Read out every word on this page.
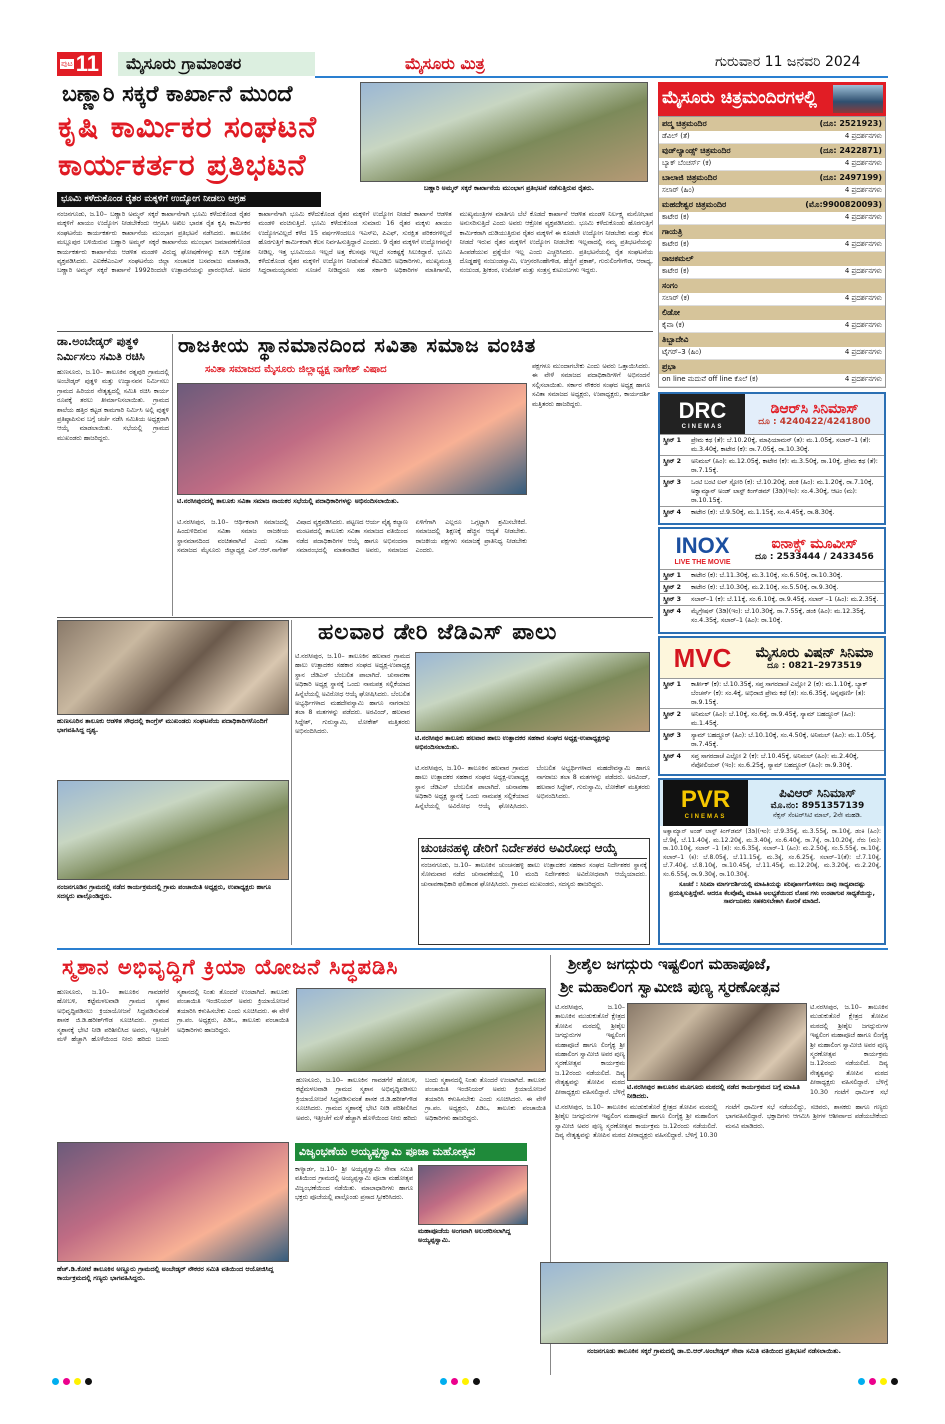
ಪುಟ 11	ಮೈಸೂರು ಗ್ರಾಮಾಂತರ	ಮೈಸೂರು ಮಿತ್ರ	ಗುರುವಾರ 11 ಜನವರಿ 2024
ಬಣ್ಣಾರಿ ಸಕ್ಕರೆ ಕಾರ್ಖಾನೆ ಮುಂದೆ
ಕೃಷಿ ಕಾರ್ಮಿಕರ ಸಂಘಟನೆ
ಕಾರ್ಯಕರ್ತರ ಪ್ರತಿಭಟನೆ
ಬಣ್ಣಾರಿ ಅಮ್ಮನ್ ಸಕ್ಕರೆ ಕಾರ್ಖಾನೆಯ ಮುಂಭಾಗ ಪ್ರತಿಭಟನೆ ನಡೆಸುತ್ತಿರುವ ರೈತರು.
ಭೂಮಿ ಕಳೆದುಕೊಂಡ ರೈತರ ಮಕ್ಕಳಿಗೆ ಉದ್ಯೋಗ ನೀಡಲು ಆಗ್ರಹ
ನಂಜನಗೂಡು, ಜ.10– ಬಣ್ಣಾರಿ ಅಮ್ಮನ್ ಸಕ್ಕರೆ ಕಾರ್ಖಾನೆಗಾಗಿ ಭೂಮಿ ಕಳೆದುಕೊಂಡ ರೈತರ ಮಕ್ಕಳಿಗೆ ಖಾಯಂ ಉದ್ಯೋಗ ನೀಡಬೇಕೆಂದು ಆಗ್ರಹಿಸಿ ಅಖಿಲ ಭಾರತ ರೈತ ಕೃಷಿ ಕಾರ್ಮಿಕರ ಸಂಘಟನೆಯ ಕಾರ್ಯಕರ್ತರು ಕಾರ್ಖಾನೆಯ ಮುಂಭಾಗ ಪ್ರತಿಭಟನೆ ನಡೆಸಿದರು. ತಾಲೂಕಿನ ಮಲ್ಲೂಪುರ ಬಳಿಯಿರುವ ಬಣ್ಣಾರಿ ಅಮ್ಮನ್ ಸಕ್ಕರೆ ಕಾರ್ಖಾನೆಯ ಮುಂಭಾಗ ಜಮಾವಣೆಗೊಂಡ ಕಾರ್ಯಕರ್ತರು ಕಾರ್ಖಾನೆಯ ಆಡಳಿತ ಮಂಡಳಿ ವಿರುದ್ಧ ಘೋಷಣೆಗಳನ್ನು ಕೂಗಿ ಆಕ್ರೋಶ ವ್ಯಕ್ತಪಡಿಸಿದರು. ಎಐಕೆಕೆಎಂಎಸ್ ಸಂಘಟನೆಯ ಜಿಲ್ಲಾ ಸಂಚಾಲಕ ಬಸವರಾಜು ಮಾತನಾಡಿ, ಬಣ್ಣಾರಿ ಅಮ್ಮನ್ ಸಕ್ಕರೆ ಕಾರ್ಖಾನೆ 1992ರಿಂದಲೇ ಉತ್ಪಾದನೆಯನ್ನು ಪ್ರಾರಂಭಿಸಿದೆ. ಅದರ ಕಾರ್ಖಾನೆಗಾಗಿ ಭೂಮಿ ಕಳೆದುಕೊಂಡ ರೈತರ ಮಕ್ಕಳಿಗೆ ಉದ್ಯೋಗ ನೀಡದೆ ಕಾರ್ಖಾನೆ ಆಡಳಿತ ಮಂಡಳಿ ವಂಚಿಸುತ್ತಿದೆ. ಭೂಮಿ ಕಳೆದುಕೊಂಡ ಸುಮಾರು 16 ರೈತರ ಮಕ್ಕಳು ಖಾಯಂ ಉದ್ಯೋಗವಿಲ್ಲದೆ ಕಳೆದ 15 ವರ್ಷಗಳಿಂದಲೂ ಇಎಸ್‌ಐ, ಪಿಎಫ್, ಸುರಕ್ಷಿತ ಪರಿಕರಗಳಿಲ್ಲದೆ ಹೊರಗುತ್ತಿಗೆ ಕಾರ್ಮಿಕರಾಗಿ ಕೆಲಸ ನಿರ್ವಹಿಸುತ್ತಿದ್ದಾರೆ ಎಂದರು. 9 ರೈತರ ಮಕ್ಕಳಿಗೆ ಉದ್ಯೋಗವನ್ನೇ ನೀಡಿಲ್ಲ. ಇತ್ತ ಭೂಮಿಯೂ ಇಲ್ಲದೆ ಅತ್ತ ಕೆಲಸವೂ ಇಲ್ಲದೆ ಸಂಕಷ್ಟಕ್ಕೆ ಸಿಲುಕಿದ್ದಾರೆ. ಭೂಮಿ ಕಳೆದುಕೊಂಡ ರೈತರ ಮಕ್ಕಳಿಗೆ ಉದ್ಯೋಗ ನೀಡುವಂತೆ ಕೆಐಎಡಿಬಿ ಅಧಿಕಾರಿಗಳು, ಮುಖ್ಯಮಂತ್ರಿ ಸಿದ್ದರಾಮಯ್ಯರವರು ಸೂಚನೆ ನೀಡಿದ್ದರೂ ಸಹ ಸರ್ಕಾರಿ ಅಧಿಕಾರಿಗಳ ಮಾತಿಗಾಗಲಿ, ಮುಖ್ಯಮಂತ್ರಿಗಳ ಮಾತಿಗೂ ಬೆಲೆ ಕೊಡದೆ ಕಾರ್ಖಾನೆ ಆಡಳಿತ ಮಂಡಳಿ ನಿರ್ಲಕ್ಷ್ಯ ಮನೋಭಾವ ಅನುಸರಿಸುತ್ತಿದೆ ಎಂದು ಅವರು ಆಕ್ರೋಶ ವ್ಯಕ್ತಪಡಿಸಿದರು. ಭೂಮಿ ಕಳೆದುಕೊಂಡು ಹೊರಗುತ್ತಿಗೆ ಕಾರ್ಮಿಕರಾಗಿ ದುಡಿಯುತ್ತಿರುವ ರೈತರ ಮಕ್ಕಳಿಗೆ ಈ ಕೂಡಲೇ ಉದ್ಯೋಗ ನೀಡಬೇಕು ಮತ್ತು ಕೆಲಸ ನೀಡದೆ ಇರುವ ರೈತರ ಮಕ್ಕಳಿಗೆ ಉದ್ಯೋಗ ನೀಡಬೇಕು ಇಲ್ಲವಾದಲ್ಲಿ ನಮ್ಮ ಪ್ರತಿಭಟನೆಯನ್ನು ಹಿಂಪಡೆಯುವ ಪ್ರಶ್ನೆಯೇ ಇಲ್ಲ ಎಂದು ಎಚ್ಚರಿಸಿದರು. ಪ್ರತಿಭಟನೆಯಲ್ಲಿ ರೈತ ಸಂಘಟನೆಯ ದೊಡ್ಡಹಳ್ಳಿ ನಂಜುಂಡಸ್ವಾಮಿ, ಉಗ್ರನರಸಿಂಹೇಗೌಡ, ಹೆಜ್ಜಿಗೆ ಪ್ರಕಾಶ್, ಗುರುಲಿಂಗೇಗೌಡ, ಆರಾಧ್ಯ, ನಂಜುಂಡ, ಶ್ರೀಕಂಠ, ಉಮೇಶ್ ಮತ್ತು ಸಂತ್ರಸ್ತ ಕುಟುಂಬಗಳು ಇದ್ದರು.
ಡಾ.ಅಂಬೇಡ್ಕರ್ ಪುತ್ಥಳಿ ನಿರ್ಮಿಸಲು ಸಮಿತಿ ರಚಿಸಿ
ಹುಣಸೂರು, ಜ.10– ತಾಲೂಕಿನ ರತ್ನಪುರಿ ಗ್ರಾಮದಲ್ಲಿ ಅಂಬೇಡ್ಕರ್ ಪುತ್ಥಳಿ ಮತ್ತು ಉದ್ಯಾನವನ ನಿರ್ಮಿಸಲು ಗ್ರಾಮದ ಹಿರಿಯರ ನೇತೃತ್ವದಲ್ಲಿ ಸಮಿತಿ ರಚಿಸಿ ಕಾರ್ಯ ರೂಪಕ್ಕೆ ತರಲು ತೀರ್ಮಾನಿಸಲಾಯಿತು. ಗ್ರಾಮದ ಶಾಲೆಯ ಹತ್ತಿರ ಕಟ್ಟಡ ಕಾಮಗಾರಿ ನಿರ್ಮಿಸಿ ಅಲ್ಲಿ ಪುತ್ಥಳಿ ಪ್ರತಿಷ್ಠಾಪಿಸುವ ಬಗ್ಗೆ ಚರ್ಚೆ ನಡೆಸಿ ಸಮಿತಿಯ ಅಧ್ಯಕ್ಷರಾಗಿ ಆಯ್ಕೆ ಮಾಡಲಾಯಿತು. ಸಭೆಯಲ್ಲಿ ಗ್ರಾಮದ ಮುಖಂಡರು ಹಾಜರಿದ್ದರು.
ರಾಜಕೀಯ ಸ್ಥಾನಮಾನದಿಂದ ಸವಿತಾ ಸಮಾಜ ವಂಚಿತ
ಸವಿತಾ ಸಮಾಜದ ಮೈಸೂರು ಜಿಲ್ಲಾಧ್ಯಕ್ಷ ನಾಗೇಶ್ ವಿಷಾದ	ಪಕ್ಷಗಳೂ ಮುಂದಾಗಬೇಕು ಎಂದು ಅವರು ಒತ್ತಾಯಿಸಿದರು. ಈ ವೇಳೆ ಸಮಾಜದ ಪದಾಧಿಕಾರಿಗಳಿಗೆ ಅಭಿನಂದನೆ ಸಲ್ಲಿಸಲಾಯಿತು. ಸರ್ಕಾರ ನೌಕರರ ಸಂಘದ ಅಧ್ಯಕ್ಷ ಹಾಗೂ ಸವಿತಾ ಸಮಾಜದ ಅಧ್ಯಕ್ಷರು, ಉಪಾಧ್ಯಕ್ಷರು, ಕಾರ್ಯದರ್ಶಿ ಮತ್ತಿತರರು ಹಾಜರಿದ್ದರು.
ಟಿ.ನರಸೀಪುರದಲ್ಲಿ ತಾಲೂಕು ಸವಿತಾ ಸಮಾಜ ನಾಯಕರ ಸಭೆಯಲ್ಲಿ ಪದಾಧಿಕಾರಿಗಳನ್ನು ಅಭಿನಂದಿಸಲಾಯಿತು.
ಟಿ.ನರಸೀಪುರ, ಜ.10– ಆರ್ಥಿಕವಾಗಿ ಸಮಾಜದಲ್ಲಿ ಹಿಂದುಳಿದಿರುವ ಸವಿತಾ ಸಮಾಜ ರಾಜಕೀಯ ಸ್ಥಾನಮಾನದಿಂದ ವಂಚಿತವಾಗಿದೆ ಎಂದು ಸವಿತಾ ಸಮಾಜದ ಮೈಸೂರು ಜಿಲ್ಲಾಧ್ಯಕ್ಷ ಎನ್.ಆರ್.ನಾಗೇಶ್ ವಿಷಾದ ವ್ಯಕ್ತಪಡಿಸಿದರು. ಪಟ್ಟಣದ ಆರ್ಯ ವೈಶ್ಯ ಕಲ್ಯಾಣ ಮಂಟಪದಲ್ಲಿ ತಾಲೂಕು ಸವಿತಾ ಸಮಾಜದ ವತಿಯಿಂದ ನಡೆದ ಪದಾಧಿಕಾರಿಗಳ ಆಯ್ಕೆ ಹಾಗೂ ಅಭಿನಂದನಾ ಸಮಾರಂಭದಲ್ಲಿ ಮಾತನಾಡಿದ ಅವರು, ಸಮಾಜದ ಏಳಿಗೆಗಾಗಿ ಎಲ್ಲರೂ ಒಗ್ಗಟ್ಟಾಗಿ ಶ್ರಮಿಸಬೇಕಿದೆ. ಸಮಾಜದಲ್ಲಿ ಶಿಕ್ಷಣಕ್ಕೆ ಹೆಚ್ಚಿನ ಆದ್ಯತೆ ನೀಡಬೇಕು. ರಾಜಕೀಯ ಪಕ್ಷಗಳು ಸಮಾಜಕ್ಕೆ ಪ್ರಾತಿನಿಧ್ಯ ನೀಡಬೇಕು ಎಂದರು.
ಹುಣಸೂರಿನ ತಾಲೂಕು ಆಡಳಿತ ಸೌಧದಲ್ಲಿ ಕಾಂಗ್ರೆಸ್ ಮುಖಂಡರು ಸಂಘಟನೆಯ ಪದಾಧಿಕಾರಿಗಳೊಂದಿಗೆ ಭಾಗವಹಿಸಿದ್ದ ದೃಶ್ಯ.
ನಂಜನಗೂಡಿನ ಗ್ರಾಮದಲ್ಲಿ ನಡೆದ ಕಾರ್ಯಕ್ರಮದಲ್ಲಿ ಗ್ರಾಮ ಪಂಚಾಯಿತಿ ಅಧ್ಯಕ್ಷರು, ಉಪಾಧ್ಯಕ್ಷರು ಹಾಗೂ ಸದಸ್ಯರು ಪಾಲ್ಗೊಂಡಿದ್ದರು.
ಹಲವಾರ ಡೇರಿ ಜೆಡಿಎಸ್ ಪಾಲು
ಟಿ.ನರಸೀಪುರ ತಾಲೂಕು ಹಲವಾರ ಹಾಲು ಉತ್ಪಾದಕರ ಸಹಕಾರ ಸಂಘದ ಅಧ್ಯಕ್ಷ-ಉಪಾಧ್ಯಕ್ಷರನ್ನು ಅಭಿನಂದಿಸಲಾಯಿತು.
ಟಿ.ನರಸೀಪುರ, ಜ.10– ತಾಲೂಕಿನ ಹಲವಾರ ಗ್ರಾಮದ ಹಾಲು ಉತ್ಪಾದಕರ ಸಹಕಾರ ಸಂಘದ ಅಧ್ಯಕ್ಷ-ಉಪಾಧ್ಯಕ್ಷ ಸ್ಥಾನ ಜೆಡಿಎಸ್ ಬೆಂಬಲಿತ ಪಾಲಾಗಿದೆ. ಚುನಾವಣಾ ಅಧಿಕಾರಿ ಅಧ್ಯಕ್ಷ ಸ್ಥಾನಕ್ಕೆ ಒಂದು ನಾಮಪತ್ರ ಸಲ್ಲಿಕೆಯಾದ ಹಿನ್ನೆಲೆಯಲ್ಲಿ ಅವಿರೋಧ ಆಯ್ಕೆ ಘೋಷಿಸಿದರು. ಬೆಂಬಲಿತ ಅಭ್ಯರ್ಥಿಗಳಾದ ಮಹದೇವಸ್ವಾಮಿ ಹಾಗೂ ನಾಗರಾಜು ತಲಾ 8 ಮತಗಳನ್ನು ಪಡೆದರು. ಅರವಿಂದ್, ಹಲವಾರ ಸಿದ್ದೇಶ್, ಗುರುಸ್ವಾಮಿ, ಲೋಕೇಶ್ ಮತ್ತಿತರರು ಅಭಿನಂದಿಸಿದರು.
ಟಿ.ನರಸೀಪುರ, ಜ.10– ತಾಲೂಕಿನ ಹಲವಾರ ಗ್ರಾಮದ ಹಾಲು ಉತ್ಪಾದಕರ ಸಹಕಾರ ಸಂಘದ ಅಧ್ಯಕ್ಷ-ಉಪಾಧ್ಯಕ್ಷ ಸ್ಥಾನ ಜೆಡಿಎಸ್ ಬೆಂಬಲಿತ ಪಾಲಾಗಿದೆ. ಚುನಾವಣಾ ಅಧಿಕಾರಿ ಅಧ್ಯಕ್ಷ ಸ್ಥಾನಕ್ಕೆ ಒಂದು ನಾಮಪತ್ರ ಸಲ್ಲಿಕೆಯಾದ ಹಿನ್ನೆಲೆಯಲ್ಲಿ ಅವಿರೋಧ ಆಯ್ಕೆ ಘೋಷಿಸಿದರು. ಬೆಂಬಲಿತ ಅಭ್ಯರ್ಥಿಗಳಾದ ಮಹದೇವಸ್ವಾಮಿ ಹಾಗೂ ನಾಗರಾಜು ತಲಾ 8 ಮತಗಳನ್ನು ಪಡೆದರು. ಅರವಿಂದ್, ಹಲವಾರ ಸಿದ್ದೇಶ್, ಗುರುಸ್ವಾಮಿ, ಲೋಕೇಶ್ ಮತ್ತಿತರರು ಅಭಿನಂದಿಸಿದರು.
ಚುಂಚನಹಳ್ಳಿ ಡೇರಿಗೆ ನಿರ್ದೇಶಕರ ಅವಿರೋಧ ಆಯ್ಕೆ
ನಂಜನಗೂಡು, ಜ.10– ತಾಲೂಕಿನ ಚುಂಚನಹಳ್ಳಿ ಹಾಲು ಉತ್ಪಾದಕರ ಸಹಕಾರ ಸಂಘದ ನಿರ್ದೇಶಕರ ಸ್ಥಾನಕ್ಕೆ ಸೋಮವಾರ ನಡೆದ ಚುನಾವಣೆಯಲ್ಲಿ 10 ಮಂದಿ ನಿರ್ದೇಶಕರು ಅವಿರೋಧವಾಗಿ ಆಯ್ಕೆಯಾದರು. ಚುನಾವಣಾಧಿಕಾರಿ ಫಲಿತಾಂಶ ಘೋಷಿಸಿದರು. ಗ್ರಾಮದ ಮುಖಂಡರು, ಸದಸ್ಯರು ಹಾಜರಿದ್ದರು.
ಮೈಸೂರು ಚಿತ್ರಮಂದಿರಗಳಲ್ಲಿ
ಪದ್ಮ ಚಿತ್ರಮಂದಿರ	(ದೂ: 2521923)
ಡೆವಿಲ್ (ತೆ)	4 ಪ್ರದರ್ಶನಗಳು
ವುಡ್‌ಲ್ಯಾಂಡ್ಸ್ ಚಿತ್ರಮಂದಿರ	(ದೂ: 2422871)
ಬ್ಯಾಕ್ ಬೆಂಚರ್ಸ್ (ಕ)	4 ಪ್ರದರ್ಶನಗಳು
ಬಾಲಾಜಿ ಚಿತ್ರಮಂದಿರ	(ದೂ: 2497199)
ಸಲಾರ್ (ಹಿಂ)	4 ಪ್ರದರ್ಶನಗಳು
ಮಹದೇಶ್ವರ ಚಿತ್ರಮಂದಿರ	(ಮೊ:9900820093)
ಕಾಟೇರ (ಕ)	4 ಪ್ರದರ್ಶನಗಳು
ಗಾಯತ್ರಿ
ಕಾಟೇರ (ಕ)	4 ಪ್ರದರ್ಶನಗಳು
ರಾಜಕಮಲ್
ಕಾಟೇರ (ಕ)	4 ಪ್ರದರ್ಶನಗಳು
ಸಂಗಂ
ಸಲಾರ್ (ಕ)	4 ಪ್ರದರ್ಶನಗಳು
ಲಿಡೋ
ಕೈವಾ (ಕ)	4 ಪ್ರದರ್ಶನಗಳು
ತಿಬ್ಬಾದೇವಿ
ಟೈಗರ್–3 (ಹಿಂ)	4 ಪ್ರದರ್ಶನಗಳು
ಪ್ರಭಾ
on line ಮದುವೆ off line ಕೊಲೆ (ಕ)	4 ಪ್ರದರ್ಶನಗಳು
DRC
CINEMAS
ಡಿಆರ್‌ಸಿ ಸಿನಿಮಾಸ್
ದೂ : 4240422/4241800
ಸ್ಕ್ರೀನ್ 1	ಪ್ರೇಮ ಕಥ (ತೆ): ಬೆ.10.20ಕ್ಕೆ, ಮಾಫಿಯಾಮನ್ (ತ): ಮ.1.05ಕ್ಕೆ, ಸಲಾರ್–1 (ತೆ): ಮ.3.40ಕ್ಕೆ, ಕಾಟೇರ (ಕ): ರಾ.7.05ಕ್ಕೆ, ರಾ.10.30ಕ್ಕೆ.
ಸ್ಕ್ರೀನ್ 2	ಅನಿಮಲ್ (ಹಿಂ): ಮ.12.05ಕ್ಕೆ, ಕಾಟೇರ (ಕ): ಮ.3.50ಕ್ಕೆ, ರಾ.10ಕ್ಕೆ, ಪ್ರೇಮ ಕಥ (ತೆ): ರಾ.7.15ಕ್ಕೆ.
ಸ್ಕ್ರೀನ್ 3	ಒಂಟಿ ಬಂಟಿ ಲವ್ ಸ್ಟೋರಿ (ಕ): ಬೆ.10.20ಕ್ಕೆ, ಡಂಕಿ (ಹಿಂ): ಮ.1.20ಕ್ಕೆ, ರಾ.7.10ಕ್ಕೆ, ಅಕ್ವಾಮ್ಯಾನ್ ಅಂಡ್ ಲಾಸ್ಟ್ ಕಿಂಗ್‌ಡಮ್ (3ಡಿ)(ಇಂ): ಸಂ.4.30ಕ್ಕೆ, ಆಟಂ (ಮ): ರಾ.10.15ಕ್ಕೆ.
ಸ್ಕ್ರೀನ್ 4	ಕಾಟೇರ (ಕ): ಬೆ.9.50ಕ್ಕೆ, ಮ.1.15ಕ್ಕೆ, ಸಂ.4.45ಕ್ಕೆ, ರಾ.8.30ಕ್ಕೆ.
INOX
LIVE THE MOVIE
ಐನಾಕ್ಸ್ ಮೂವೀಸ್
ದೂ : 2533444 / 2433456
ಸ್ಕ್ರೀನ್ 1	ಕಾಟೇರ (ಕ): ಬೆ.11.30ಕ್ಕೆ, ಮ.3.10ಕ್ಕೆ, ಸಂ.6.50ಕ್ಕೆ, ರಾ.10.30ಕ್ಕೆ.
ಸ್ಕ್ರೀನ್ 2	ಕಾಟೇರ (ಕ): ಬೆ.10.30ಕ್ಕೆ, ಮ.2.10ಕ್ಕೆ, ಸಂ.5.50ಕ್ಕೆ, ರಾ.9.30ಕ್ಕೆ.
ಸ್ಕ್ರೀನ್ 3	ಸಲಾರ್–1 (ಕ): ಬೆ.11ಕ್ಕೆ, ಸಂ.6.10ಕ್ಕೆ, ರಾ.9.45ಕ್ಕೆ, ಸಲಾರ್ –1 (ಹಿಂ): ಮ.2.35ಕ್ಕೆ.
ಸ್ಕ್ರೀನ್ 4	ಮೈಗ್ರೇಷನ್ (3ಡಿ)(ಇಂ): ಬೆ.10.30ಕ್ಕೆ, ರಾ.7.55ಕ್ಕೆ, ಡಂಕಿ (ಹಿಂ): ಮ.12.35ಕ್ಕೆ, ಸಂ.4.35ಕ್ಕೆ, ಸಲಾರ್–1 (ಹಿಂ): ರಾ.10ಕ್ಕೆ.
MVC	ಮೈಸೂರು ವಿಷನ್ ಸಿನಿಮಾ
ದೂ : 0821–2973519
ಸ್ಕ್ರೀನ್ 1	ಕಾರ್ತೀಕ್ (ಕ): ಬೆ.10.35ಕ್ಕೆ, ಸಪ್ತ ಸಾಗರದಾಚೆ ಎಲ್ಲೋ 2 (ಕ): ಮ.1.10ಕ್ಕೆ, ಬ್ಯಾಕ್ ಬೆಂಚರ್ಸ್ (ಕ): ಸಂ.4ಕ್ಕೆ, ಅಭಿರಾಜಿ ಪ್ರೇಮ ಕಥೆ (ಕ): ಸಂ.6.35ಕ್ಕೆ, ಅನ್ನಪೂರ್ಣಿ (ತ): ರಾ.9.15ಕ್ಕೆ.
ಸ್ಕ್ರೀನ್ 2	ಅನಿಮಲ್ (ಹಿಂ): ಬೆ.10ಕ್ಕೆ, ಸಂ.6ಕ್ಕೆ, ರಾ.9.45ಕ್ಕೆ, ಸ್ಯಾಮ್ ಬಹದ್ದೂರ್ (ಹಿಂ): ಮ.1.45ಕ್ಕೆ.
ಸ್ಕ್ರೀನ್ 3	ಸ್ಯಾಮ್ ಬಹದ್ದೂರ್ (ಹಿಂ): ಬೆ.10.10ಕ್ಕೆ, ಸಂ.4.50ಕ್ಕೆ, ಅನಿಮಲ್ (ಹಿಂ): ಮ.1.05ಕ್ಕೆ, ರಾ.7.45ಕ್ಕೆ.
ಸ್ಕ್ರೀನ್ 4	ಸಪ್ತ ಸಾಗರದಾಚೆ ಎಲ್ಲೋ 2 (ಕ): ಬೆ.10.45ಕ್ಕೆ, ಅನಿಮಲ್ (ಹಿಂ): ಮ.2.40ಕ್ಕೆ, ನೆಪೋಲಿಯನ್ (ಇಂ): ಸಂ.6.25ಕ್ಕೆ, ಸ್ಯಾಮ್ ಬಹದ್ದೂರ್ (ಹಿಂ): ರಾ.9.30ಕ್ಕೆ.
PVR
CINEMAS
ಪಿವಿಆರ್ ಸಿನಿಮಾಸ್
ಮೊ.ನಂ: 8951357139
ನೆಕ್ಸಸ್ ಸೆಂಟರ್‌ಸಿಟಿ ಮಾಲ್, 2ನೇ ಮಹಡಿ.
ಅಕ್ವಾಮ್ಯಾನ್ ಅಂಡ್ ಲಾಸ್ಟ್ ಕಿಂಗ್‌ಡಮ್ (3ಡಿ)(ಇಂ): ಬೆ.9.35ಕ್ಕೆ, ಮ.3.55ಕ್ಕೆ, ರಾ.10ಕ್ಕೆ, ಡಂಕಿ (ಹಿಂ): ಬೆ.9ಕ್ಕೆ, ಬೆ.11.40ಕ್ಕೆ, ಮ.12.20ಕ್ಕೆ, ಮ.3.40ಕ್ಕೆ, ಸಂ.6.40ಕ್ಕೆ, ರಾ.7ಕ್ಕೆ, ರಾ.10.20ಕ್ಕೆ, ನೆರು (ಮ): ರಾ.10.10ಕ್ಕೆ, ಸಲಾರ್ –1 (ತ): ಸಂ.6.35ಕ್ಕೆ, ಸಲಾರ್–1 (ಹಿಂ): ಮ.2.50ಕ್ಕೆ, ಸಂ.5.55ಕ್ಕೆ, ರಾ.10ಕ್ಕೆ, ಸಲಾರ್–1 (ಕ): ಬೆ.8.05ಕ್ಕೆ, ಬೆ.11.15ಕ್ಕೆ, ಮ.3ಕ್ಕೆ, ಸಂ.6.25ಕ್ಕೆ, ಸಲಾರ್–1(ತೆ): ಬೆ.7.10ಕ್ಕೆ, ಬೆ.7.40ಕ್ಕೆ, ಬೆ.8.10ಕ್ಕೆ, ರಾ.10.45ಕ್ಕೆ, ಬೆ.11.45ಕ್ಕೆ, ಮ.12.20ಕ್ಕೆ, ಮ.3.20ಕ್ಕೆ, ಮ.2.20ಕ್ಕೆ, ಸಂ.6.55ಕ್ಕೆ, ರಾ.9.30ಕ್ಕೆ, ರಾ.10.30ಕ್ಕೆ.
ಸೂಚನೆ : ಸಿನಿಮಾ ಮಾರ್ಗದರ್ಶಿಯಲ್ಲಿ ಮಾಹಿತಿಯನ್ನು ಪರಿಪೂರ್ಣಗೊಳಿಸಲು ನಾವು ಸಾಧ್ಯವಾದಷ್ಟು ಪ್ರಯತ್ನಿಸುತ್ತಿದ್ದೇವೆ. ಆದರೂ ಕೆಲವೊಮ್ಮೆ ಮಾಹಿತಿ ಅಲಭ್ಯತೆಯಿಂದ ಲೋಪ ಗಳು ಉಂಟಾಗುವ ಸಾಧ್ಯತೆಯಿದ್ದು, ಸಾರ್ವಜನಿಕರು ಸಹಕರಿಸಬೇಕಾಗಿ ಕೋರಿಕೆ ಮಾಡಿದೆ.
ಸ್ಮಶಾನ ಅಭಿವೃದ್ಧಿಗೆ ಕ್ರಿಯಾ ಯೋಜನೆ ಸಿದ್ಧಪಡಿಸಿ
ಹುಣಸೂರು, ಜ.10– ತಾಲೂಕಿನ ಗಾವಡಗೆರೆ ಹೋಬಳಿ, ಕಟ್ಟೆಮಳಲವಾಡಿ ಗ್ರಾಮದ ಸ್ಮಶಾನ ಅಭಿವೃದ್ಧಿಪಡಿಸಲು ಕ್ರಿಯಾಯೋಜನೆ ಸಿದ್ಧಪಡಿಸುವಂತೆ ಶಾಸಕ ಜಿ.ಡಿ.ಹರೀಶ್‌ಗೌಡ ಸೂಚಿಸಿದರು. ಗ್ರಾಮದ ಸ್ಮಶಾನಕ್ಕೆ ಭೇಟಿ ನೀಡಿ ಪರಿಶೀಲಿಸಿದ ಅವರು, ಇತ್ತೀಚೆಗೆ ಮಳೆ ಹೆಚ್ಚಾಗಿ ಹೊಳೆಯಿಂದ ನೀರು ಹರಿದು ಬಂದು ಸ್ಮಶಾನದಲ್ಲಿ ನಿಂತು ತೊಂದರೆ ಉಂಟಾಗಿದೆ. ತಾಲೂಕು ಪಂಚಾಯಿತಿ ಇಂಜಿನಿಯರ್ ಅವರು ಕ್ರಿಯಾಯೋಜನೆ ತಯಾರಿಸಿ ಕಳುಹಿಸಬೇಕು ಎಂದು ಸೂಚಿಸಿದರು. ಈ ವೇಳೆ ಗ್ರಾ.ಪಂ. ಅಧ್ಯಕ್ಷರು, ಪಿಡಿಒ, ತಾಲೂಕು ಪಂಚಾಯಿತಿ ಅಧಿಕಾರಿಗಳು ಹಾಜರಿದ್ದರು.
ಹುಣಸೂರು, ಜ.10– ತಾಲೂಕಿನ ಗಾವಡಗೆರೆ ಹೋಬಳಿ, ಕಟ್ಟೆಮಳಲವಾಡಿ ಗ್ರಾಮದ ಸ್ಮಶಾನ ಅಭಿವೃದ್ಧಿಪಡಿಸಲು ಕ್ರಿಯಾಯೋಜನೆ ಸಿದ್ಧಪಡಿಸುವಂತೆ ಶಾಸಕ ಜಿ.ಡಿ.ಹರೀಶ್‌ಗೌಡ ಸೂಚಿಸಿದರು. ಗ್ರಾಮದ ಸ್ಮಶಾನಕ್ಕೆ ಭೇಟಿ ನೀಡಿ ಪರಿಶೀಲಿಸಿದ ಅವರು, ಇತ್ತೀಚೆಗೆ ಮಳೆ ಹೆಚ್ಚಾಗಿ ಹೊಳೆಯಿಂದ ನೀರು ಹರಿದು ಬಂದು ಸ್ಮಶಾನದಲ್ಲಿ ನಿಂತು ತೊಂದರೆ ಉಂಟಾಗಿದೆ. ತಾಲೂಕು ಪಂಚಾಯಿತಿ ಇಂಜಿನಿಯರ್ ಅವರು ಕ್ರಿಯಾಯೋಜನೆ ತಯಾರಿಸಿ ಕಳುಹಿಸಬೇಕು ಎಂದು ಸೂಚಿಸಿದರು. ಈ ವೇಳೆ ಗ್ರಾ.ಪಂ. ಅಧ್ಯಕ್ಷರು, ಪಿಡಿಒ, ತಾಲೂಕು ಪಂಚಾಯಿತಿ ಅಧಿಕಾರಿಗಳು ಹಾಜರಿದ್ದರು.
ಹೆಚ್.ಡಿ.ಕೋಟೆ ತಾಲೂಕಿನ ಅಣ್ಣೂರು ಗ್ರಾಮದಲ್ಲಿ ಅಂಬೇಡ್ಕರ್ ನೌಕರರ ಸಮಿತಿ ವತಿಯಿಂದ ಆಯೋಜಿಸಿದ್ದ ಕಾರ್ಯಕ್ರಮದಲ್ಲಿ ಗಣ್ಯರು ಭಾಗವಹಿಸಿದ್ದರು.
ವಿಜೃಂಭಣೆಯ ಅಯ್ಯಪ್ಪಸ್ವಾಮಿ ಪೂಜಾ ಮಹೋತ್ಸವ
ಕಾಳ್ಯಾರ್ಡ, ಜ.10– ಶ್ರೀ ಅಯ್ಯಪ್ಪಸ್ವಾಮಿ ಸೇವಾ ಸಮಿತಿ ವತಿಯಿಂದ ಗ್ರಾಮದಲ್ಲಿ ಅಯ್ಯಪ್ಪಸ್ವಾಮಿ ಪೂಜಾ ಮಹೋತ್ಸವ ವಿಜೃಂಭಣೆಯಿಂದ ನಡೆಯಿತು. ಮಾಲಾಧಾರಿಗಳು ಹಾಗೂ ಭಕ್ತರು ಪೂಜೆಯಲ್ಲಿ ಪಾಲ್ಗೊಂಡು ಪ್ರಸಾದ ಸ್ವೀಕರಿಸಿದರು.
ಮಹಾಪೂಜೆಯ ಅಂಗವಾಗಿ ಅಲಂಕರಿಸಲಾಗಿದ್ದ ಅಯ್ಯಪ್ಪಸ್ವಾಮಿ.
ಶ್ರೀಶೈಲ ಜಗದ್ಗುರು ಇಷ್ಟಲಿಂಗ ಮಹಾಪೂಜೆ,
ಶ್ರೀ ಮಹಾಲಿಂಗ ಸ್ವಾಮೀಜಿ ಪುಣ್ಯ ಸ್ಮರಣೋತ್ಸವ
ಟಿ.ನರಸೀಪುರ, ಜ.10– ತಾಲೂಕಿನ ಮುಡುಕುತೊರೆ ಕ್ಷೇತ್ರದ ತೋಪಿನ ಮಠದಲ್ಲಿ ಶ್ರೀಶೈಲ ಜಗದ್ಗುರುಗಳ ಇಷ್ಟಲಿಂಗ ಮಹಾಪೂಜೆ ಹಾಗೂ ಲಿಂಗೈಕ್ಯ ಶ್ರೀ ಮಹಾಲಿಂಗ ಸ್ವಾಮೀಜಿ ಅವರ ಪುಣ್ಯ ಸ್ಮರಣೋತ್ಸವ ಕಾರ್ಯಕ್ರಮ ಜ.12ರಂದು ನಡೆಯಲಿದೆ. ದಿವ್ಯ ನೇತೃತ್ವವನ್ನು ತೋಪಿನ ಮಠದ ಪೀಠಾಧ್ಯಕ್ಷರು ವಹಿಸಲಿದ್ದಾರೆ. ಬೆಳಿಗ್ಗೆ
ಟಿ.ನರಸೀಪುರ ತಾಲೂಕಿನ ಮೂಗೂರು ಮಠದಲ್ಲಿ ನಡೆದ ಕಾರ್ಯಕ್ರಮದ ಬಗ್ಗೆ ಮಾಹಿತಿ ನೀಡಿದರು.
ಟಿ.ನರಸೀಪುರ, ಜ.10– ತಾಲೂಕಿನ ಮುಡುಕುತೊರೆ ಕ್ಷೇತ್ರದ ತೋಪಿನ ಮಠದಲ್ಲಿ ಶ್ರೀಶೈಲ ಜಗದ್ಗುರುಗಳ ಇಷ್ಟಲಿಂಗ ಮಹಾಪೂಜೆ ಹಾಗೂ ಲಿಂಗೈಕ್ಯ ಶ್ರೀ ಮಹಾಲಿಂಗ ಸ್ವಾಮೀಜಿ ಅವರ ಪುಣ್ಯ ಸ್ಮರಣೋತ್ಸವ ಕಾರ್ಯಕ್ರಮ ಜ.12ರಂದು ನಡೆಯಲಿದೆ. ದಿವ್ಯ ನೇತೃತ್ವವನ್ನು ತೋಪಿನ ಮಠದ ಪೀಠಾಧ್ಯಕ್ಷರು ವಹಿಸಲಿದ್ದಾರೆ. ಬೆಳಿಗ್ಗೆ 10.30 ಗಂಟೆಗೆ ಧಾರ್ಮಿಕ ಸಭೆ
ಟಿ.ನರಸೀಪುರ, ಜ.10– ತಾಲೂಕಿನ ಮುಡುಕುತೊರೆ ಕ್ಷೇತ್ರದ ತೋಪಿನ ಮಠದಲ್ಲಿ ಶ್ರೀಶೈಲ ಜಗದ್ಗುರುಗಳ ಇಷ್ಟಲಿಂಗ ಮಹಾಪೂಜೆ ಹಾಗೂ ಲಿಂಗೈಕ್ಯ ಶ್ರೀ ಮಹಾಲಿಂಗ ಸ್ವಾಮೀಜಿ ಅವರ ಪುಣ್ಯ ಸ್ಮರಣೋತ್ಸವ ಕಾರ್ಯಕ್ರಮ ಜ.12ರಂದು ನಡೆಯಲಿದೆ. ದಿವ್ಯ ನೇತೃತ್ವವನ್ನು ತೋಪಿನ ಮಠದ ಪೀಠಾಧ್ಯಕ್ಷರು ವಹಿಸಲಿದ್ದಾರೆ. ಬೆಳಿಗ್ಗೆ 10.30 ಗಂಟೆಗೆ ಧಾರ್ಮಿಕ ಸಭೆ ನಡೆಯಲಿದ್ದು, ಸಚಿವರು, ಶಾಸಕರು ಹಾಗೂ ಗಣ್ಯರು ಭಾಗವಹಿಸಲಿದ್ದಾರೆ. ಭಕ್ತಾದಿಗಳು ಆಗಮಿಸಿ ಶ್ರೀಗಳ ಆಶೀರ್ವಾದ ಪಡೆಯಬೇಕೆಂದು ಮನವಿ ಮಾಡಿದರು.
ನಂಜನಗೂಡು ತಾಲೂಕಿನ ಸಕ್ಕರೆ ಗ್ರಾಮದಲ್ಲಿ ಡಾ.ಬಿ.ಆರ್.ಅಂಬೇಡ್ಕರ್ ಸೇವಾ ಸಮಿತಿ ವತಿಯಿಂದ ಪ್ರತಿಭಟನೆ ನಡೆಸಲಾಯಿತು.
